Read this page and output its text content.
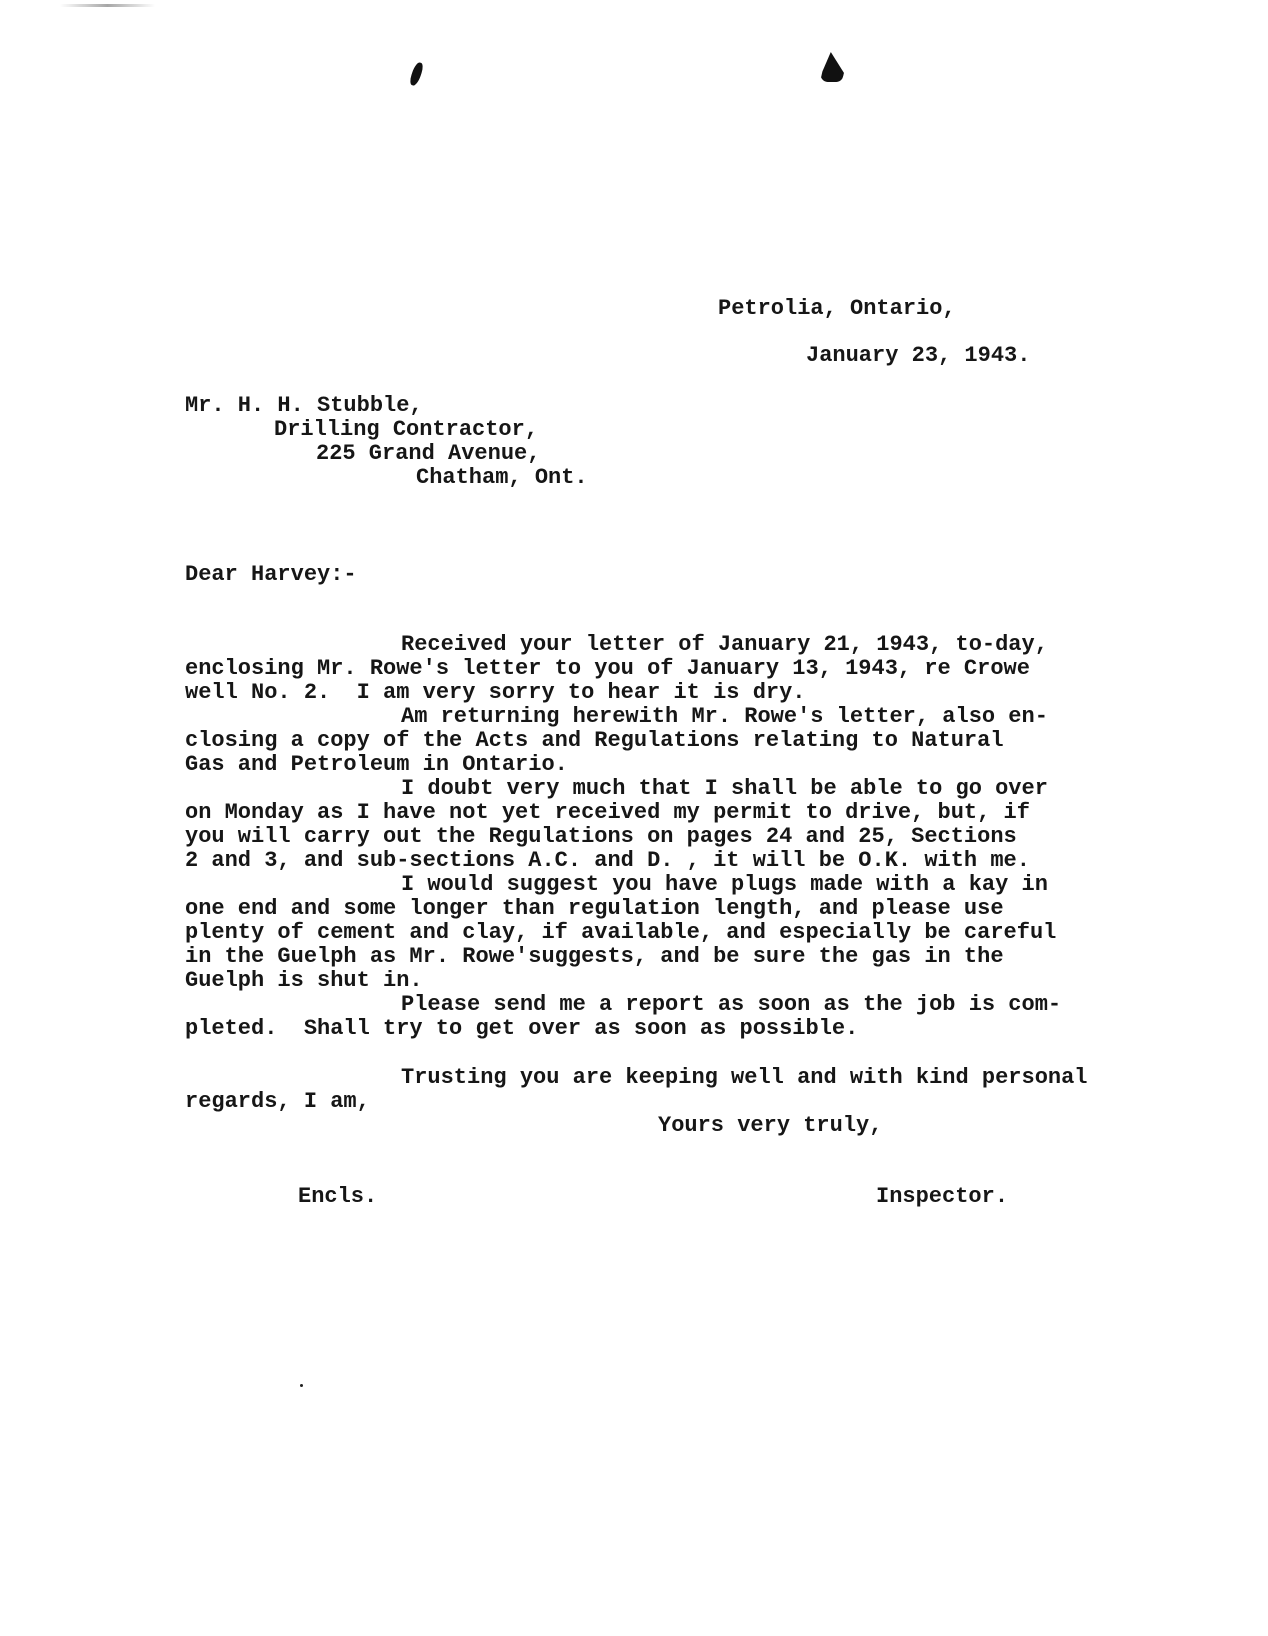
Petrolia, Ontario,
January 23, 1943.
Mr. H. H. Stubble,
Drilling Contractor,
225 Grand Avenue,
Chatham, Ont.
Dear Harvey:-
Received your letter of January 21, 1943, to-day,
enclosing Mr. Rowe's letter to you of January 13, 1943, re Crowe
well No. 2.  I am very sorry to hear it is dry.
Am returning herewith Mr. Rowe's letter, also en-
closing a copy of the Acts and Regulations relating to Natural
Gas and Petroleum in Ontario.
I doubt very much that I shall be able to go over
on Monday as I have not yet received my permit to drive, but, if
you will carry out the Regulations on pages 24 and 25, Sections
2 and 3, and sub-sections A.C. and D. , it will be O.K. with me.
I would suggest you have plugs made with a kay in
one end and some longer than regulation length, and please use
plenty of cement and clay, if available, and especially be careful
in the Guelph as Mr. Rowe'suggests, and be sure the gas in the
Guelph is shut in.
Please send me a report as soon as the job is com-
pleted.  Shall try to get over as soon as possible.
Trusting you are keeping well and with kind personal
regards, I am,
Yours very truly,
Encls.	Inspector.
